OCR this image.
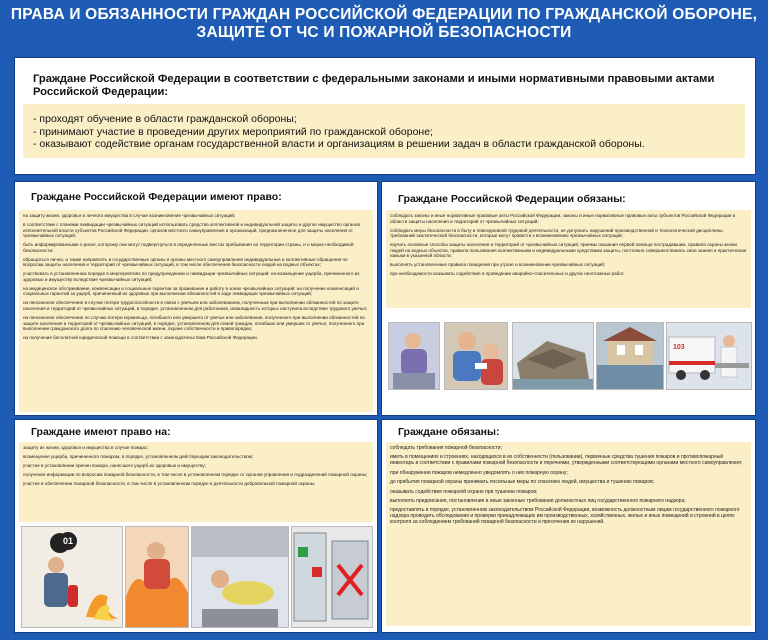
ПРАВА И ОБЯЗАННОСТИ ГРАЖДАН РОССИЙСКОЙ ФЕДЕРАЦИИ ПО ГРАЖДАНСКОЙ ОБОРОНЕ,
ЗАЩИТЕ ОТ ЧС И ПОЖАРНОЙ БЕЗОПАСНОСТИ
Граждане Российской Федерации в соответствии с федеральными законами и иными нормативными правовыми актами Российской Федерации:
- проходят обучение в области гражданской обороны;
- принимают участие в проведении других мероприятий по гражданской обороне;
- оказывают содействие органам государственной власти и организациям в решении задач в области гражданской обороны.
Граждане Российской Федерации имеют право:
на защиту жизни, здоровья и личного имущества в случае возникновения чрезвычайных ситуаций;
в соответствии с планами ликвидации чрезвычайных ситуаций использовать средства коллективной и индивидуальной защиты и другое имущество органов исполнительной власти субъектов Российской Федерации, органов местного самоуправления и организаций, предназначенное для защиты населения от чрезвычайных ситуаций;
быть информированными о риске, которому они могут подвергнуться в определенных местах пребывания на территории страны, и о мерах необходимой безопасности;
обращаться лично, а также направлять в государственные органы и органы местного самоуправления индивидуальные и коллективные обращения по вопросам защиты населения и территорий от чрезвычайных ситуаций, в том числе обеспечения безопасности людей на водных объектах;
участвовать в установленном порядке в мероприятиях по предупреждению и ликвидации чрезвычайных ситуаций; на возмещение ущерба, причиненного их здоровью и имуществу вследствие чрезвычайных ситуаций;
на медицинское обслуживание, компенсации и социальные гарантии за проживание и работу в зонах чрезвычайных ситуаций; на получение компенсаций и социальных гарантий за ущерб, причиненный их здоровью при выполнении обязанностей в ходе ликвидации чрезвычайных ситуаций;
на пенсионное обеспечение в случае потери трудоспособности в связи с увечьем или заболеванием, полученным при выполнении обязанностей по защите населения и территорий от чрезвычайных ситуаций, в порядке, установленном для работников, инвалидность которых наступила вследствие трудового увечья;
на пенсионное обеспечение по случаю потери кормильца, погибшего или умершего от увечья или заболевания, полученного при выполнении обязанностей по защите населения и территорий от чрезвычайных ситуаций, в порядке, установленном для семей граждан, погибших или умерших от увечья, полученного при выполнении гражданского долга по спасению человеческой жизни, охране собственности и правопорядка;
на получение бесплатной юридической помощи в соответствии с законодательством Российской Федерации.
Граждане Российской Федерации обязаны:
соблюдать законы и иные нормативные правовые акты Российской Федерации, законы и иные нормативные правовые акты субъектов Российской Федерации в области защиты населения и территорий от чрезвычайных ситуаций;
соблюдать меры безопасности в быту и повседневной трудовой деятельности, не допускать нарушений производственной и технологической дисциплины, требований экологической безопасности, которые могут привести к возникновению чрезвычайных ситуаций;
изучать основные способы защиты населения и территорий от чрезвычайных ситуаций, приемы оказания первой помощи пострадавшим, правила охраны жизни людей на водных объектах, правила пользования коллективными и индивидуальными средствами защиты, постоянно совершенствовать свои знания и практические навыки в указанной области;
выполнять установленные правила поведения при угрозе и возникновении чрезвычайных ситуаций;
при необходимости оказывать содействие в проведении аварийно-спасательных и других неотложных работ.
103
Граждане имеют право на:
защиту их жизни, здоровья и имущества в случае пожара;
возмещение ущерба, причиненного пожаром, в порядке, установленном действующим законодательством;
участие в установлении причин пожара, нанесшего ущерб их здоровью и имуществу;
получение информации по вопросам пожарной безопасности, в том числе в установленном порядке от органов управления и подразделений пожарной охраны;
участие в обеспечении пожарной безопасности, в том числе в установленном порядке в деятельности добровольной пожарной охраны.
01
Граждане обязаны:
соблюдать требования пожарной безопасности;
иметь в помещениях и строениях, находящихся в их собственности (пользовании), первичные средства тушения пожаров и противопожарный инвентарь в соответствии с правилами пожарной безопасности и перечнями, утвержденными соответствующими органами местного самоуправления;
при обнаружении пожаров немедленно уведомлять о них пожарную охрану;
до прибытия пожарной охраны принимать посильные меры по спасению людей, имущества и тушению пожаров;
оказывать содействие пожарной охране при тушении пожаров;
выполнять предписания, постановления и иные законные требования должностных лиц государственного пожарного надзора;
предоставлять в порядке, установленном законодательством Российской Федерации, возможность должностным лицам государственного пожарного надзора проводить обследования и проверки принадлежащих им производственных, хозяйственных, жилых и иных помещений и строений в целях контроля за соблюдением требований пожарной безопасности и пресечения их нарушений.
